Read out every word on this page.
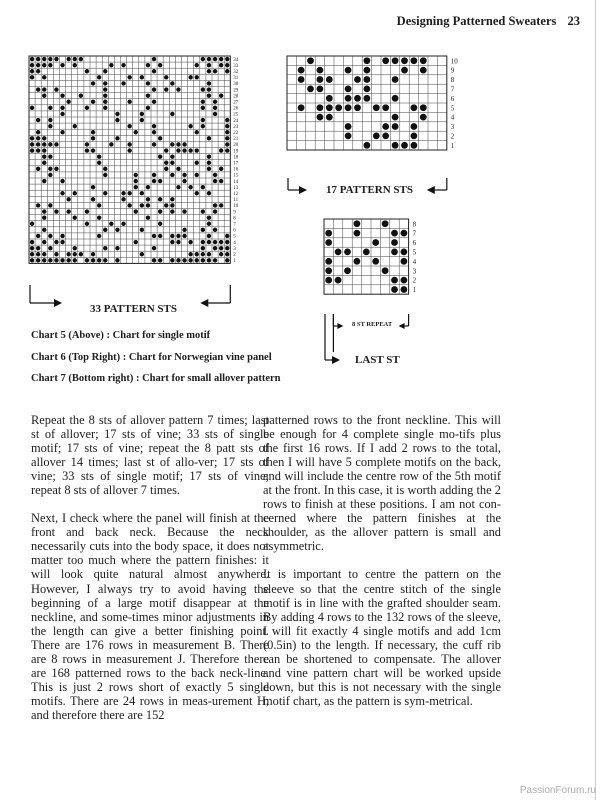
Designing Patterned Sweaters 23
34
33
32
31
30
29
28
27
26
25
24
23
22
21
20
19
18
17
16
15
14
13
12
11
10
9
8
7
6
5
4
3
2
1
33 PATTERN STS
10
9
8
7
6
5
4
3
2
1
17 PATTERN STS
8
7
6
5
4
3
2
1
8 ST REPEAT
LAST ST
Chart 5 (Above) : Chart for single motif
Chart 6 (Top Right) : Chart for Norwegian vine panel
Chart 7 (Bottom right) : Chart for small allover pattern

Repeat the 8 sts of allover pattern 7 times; last st of allover; 17 sts of vine; 33 sts of single motif; 17 sts of vine; repeat the 8 patt sts of allover 14 times; last st of allo-ver; 17 sts of vine; 33 sts of single motif; 17 sts of vine; repeat 8 sts of allover 7 times.

Next, I check where the panel will finish at the front and back neck. Because the neck necessarily cuts into the body space, it does not matter too much where the pattern finishes: it will look quite natural almost anywhere. However, I always try to avoid having the beginning of a large motif disappear at the neckline, and some-times minor adjustments in the length can give a better finishing point. There are 176 rows in measurement B. There are 8 rows in measurement J. Therefore there are 168 patterned rows to the back neck-line. This is just 2 rows short of exactly 5 single motifs. There are 24 rows in meas-urement H, and therefore there are 152

patterned rows to the front neckline. This will be enough for 4 complete single mo-tifs plus the first 16 rows. If I add 2 rows to the total, then I will have 5 complete motifs on the back, and will include the centre row of the 5th motif at the front. In this case, it is worth adding the 2 rows to finish at these positions. I am not con-cerned where the pattern finishes at the shoulder, as the allover pattern is small and asymmetric.

It is important to centre the pattern on the sleeve so that the centre stitch of the single motif is in line with the grafted shoulder seam. By adding 4 rows to the 132 rows of the sleeve, I will fit exactly 4 single motifs and add 1cm (0.5in) to the length. If necessary, the cuff rib can be shortened to compensate. The allover and vine pattern chart will be worked upside down, but this is not necessary with the single motif chart, as the pattern is sym-metrical.

PassionForum.ru
